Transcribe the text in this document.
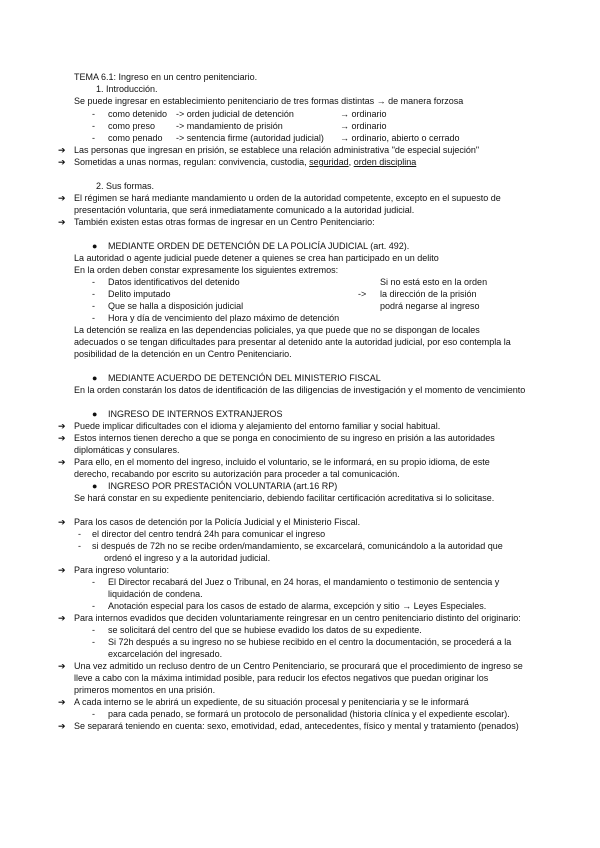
TEMA 6.1: Ingreso en un centro penitenciario.
1. Introducción.
Se puede ingresar en establecimiento penitenciario de tres formas distintas → de manera forzosa
- como detenido -> orden judicial de detención	→ ordinario
- como preso -> mandamiento de prisión	→ ordinario
- como penado -> sentencia firme (autoridad judicial) → ordinario, abierto o cerrado
➔ Las personas que ingresan en prisión, se establece una relación administrativa "de especial sujeción"
➔ Sometidas a unas normas, regulan: convivencia, custodia, seguridad, orden disciplina
2. Sus formas.
➔ El régimen se hará mediante mandamiento u orden de la autoridad competente, excepto en el supuesto de
presentación voluntaria, que será inmediatamente comunicado a la autoridad judicial.
➔ También existen estas otras formas de ingresar en un Centro Penitenciario:
● MEDIANTE ORDEN DE DETENCIÓN DE LA POLICÍA JUDICIAL (art. 492).
La autoridad o agente judicial puede detener a quienes se crea han participado en un delito
En la orden deben constar expresamente los siguientes extremos:
- Datos identificativos del detenido
- Delito imputado
- Que se halla a disposición judicial
- Hora y día de vencimiento del plazo máximo de detención
Si no está esto en la orden
-> la dirección de la prisión
podrá negarse al ingreso
La detención se realiza en las dependencias policiales, ya que puede que no se dispongan de locales
adecuados o se tengan dificultades para presentar al detenido ante la autoridad judicial, por eso contempla la
posibilidad de la detención en un Centro Penitenciario.
● MEDIANTE ACUERDO DE DETENCIÓN DEL MINISTERIO FISCAL
En la orden constarán los datos de identificación de las diligencias de investigación y el momento de vencimiento
● INGRESO DE INTERNOS EXTRANJEROS
➔ Puede implicar dificultades con el idioma y alejamiento del entorno familiar y social habitual.
➔ Estos internos tienen derecho a que se ponga en conocimiento de su ingreso en prisión a las autoridades
diplomáticas y consulares.
➔ Para ello, en el momento del ingreso, incluido el voluntario, se le informará, en su propio idioma, de este
derecho, recabando por escrito su autorización para proceder a tal comunicación.
● INGRESO POR PRESTACIÓN VOLUNTARIA (art.16 RP)
Se hará constar en su expediente penitenciario, debiendo facilitar certificación acreditativa si lo solicitase.
➔ Para los casos de detención por la Policía Judicial y el Ministerio Fiscal.
- el director del centro tendrá 24h para comunicar el ingreso
- si después de 72h no se recibe orden/mandamiento, se excarcelará, comunicándolo a la autoridad que
ordenó el ingreso y a la autoridad judicial.
➔ Para ingreso voluntario:
- El Director recabará del Juez o Tribunal, en 24 horas, el mandamiento o testimonio de sentencia y
liquidación de condena.
- Anotación especial para los casos de estado de alarma, excepción y sitio → Leyes Especiales.
➔ Para internos evadidos que deciden voluntariamente reingresar en un centro penitenciario distinto del originario:
- se solicitará del centro del que se hubiese evadido los datos de su expediente.
- Si 72h después a su ingreso no se hubiese recibido en el centro la documentación, se procederá a la
excarcelación del ingresado.
➔ Una vez admitido un recluso dentro de un Centro Penitenciario, se procurará que el procedimiento de ingreso se
lleve a cabo con la máxima intimidad posible, para reducir los efectos negativos que puedan originar los
primeros momentos en una prisión.
➔ A cada interno se le abrirá un expediente, de su situación procesal y penitenciaria y se le informará
- para cada penado, se formará un protocolo de personalidad (historia clínica y el expediente escolar).
➔ Se separará teniendo en cuenta: sexo, emotividad, edad, antecedentes, físico y mental y tratamiento (penados)
